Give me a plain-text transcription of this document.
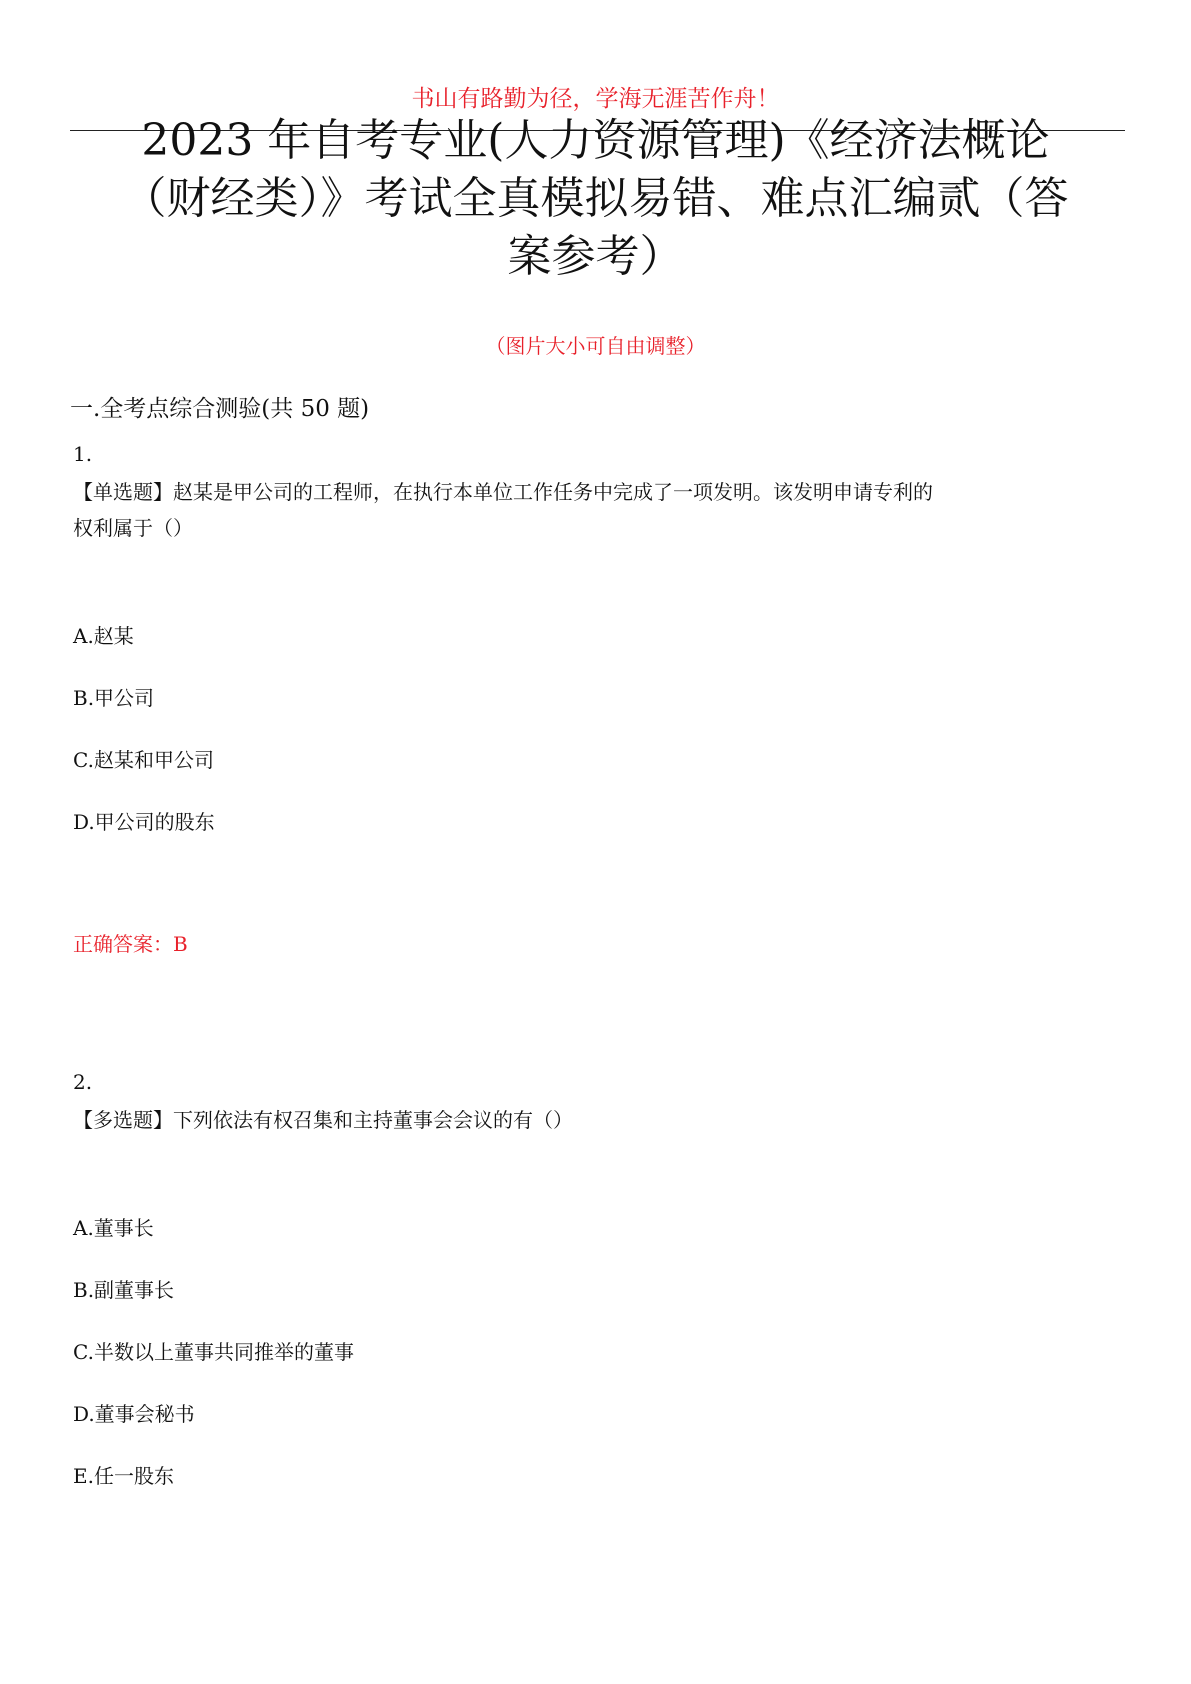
书山有路勤为径，学海无涯苦作舟！
2023 年自考专业(人力资源管理)《经济法概论
（财经类）》考试全真模拟易错、难点汇编贰（答
案参考）
（图片大小可自由调整）
一.全考点综合测验(共 50 题)
1.
【单选题】赵某是甲公司的工程师，在执行本单位工作任务中完成了一项发明。该发明申请专利的
权利属于（）
A.赵某
B.甲公司
C.赵某和甲公司
D.甲公司的股东
正确答案：B
2.
【多选题】下列依法有权召集和主持董事会会议的有（）
A.董事长
B.副董事长
C.半数以上董事共同推举的董事
D.董事会秘书
E.任一股东
